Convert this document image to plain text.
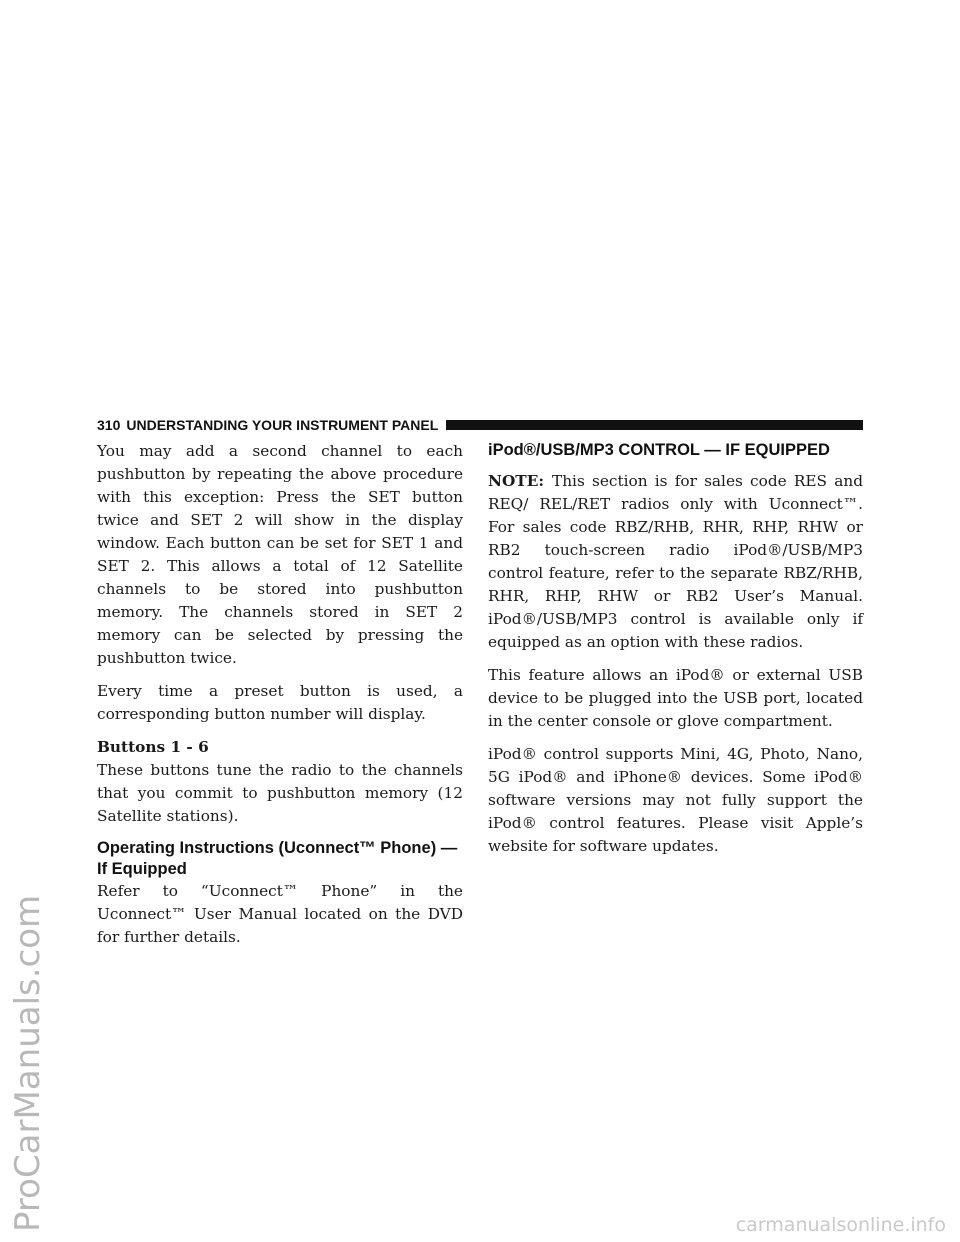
ProCarManuals.com
310 UNDERSTANDING YOUR INSTRUMENT PANEL

You may add a second channel to each pushbutton by repeating the above procedure with this exception: Press the SET button twice and SET 2 will show in the display window. Each button can be set for SET 1 and SET 2. This allows a total of 12 Satellite channels to be stored into pushbutton memory. The channels stored in SET 2 memory can be selected by pressing the pushbutton twice.

Every time a preset button is used, a corresponding button number will display.

Buttons 1 - 6

These buttons tune the radio to the channels that you commit to pushbutton memory (12 Satellite stations).

Operating Instructions (Uconnect™ Phone) — If Equipped

Refer to “Uconnect™ Phone” in the Uconnect™ User Manual located on the DVD for further details.

iPod®/USB/MP3 CONTROL — IF EQUIPPED

NOTE: This section is for sales code RES and REQ/ REL/RET radios only with Uconnect™. For sales code RBZ/RHB, RHR, RHP, RHW or RB2 touch-screen radio iPod®/USB/MP3 control feature, refer to the separate RBZ/RHB, RHR, RHP, RHW or RB2 User’s Manual. iPod®/USB/MP3 control is available only if equipped as an option with these radios.

This feature allows an iPod® or external USB device to be plugged into the USB port, located in the center console or glove compartment.

iPod® control supports Mini, 4G, Photo, Nano, 5G iPod® and iPhone® devices. Some iPod® software versions may not fully support the iPod® control features. Please visit Apple’s website for software updates.

carmanualsonline.info
